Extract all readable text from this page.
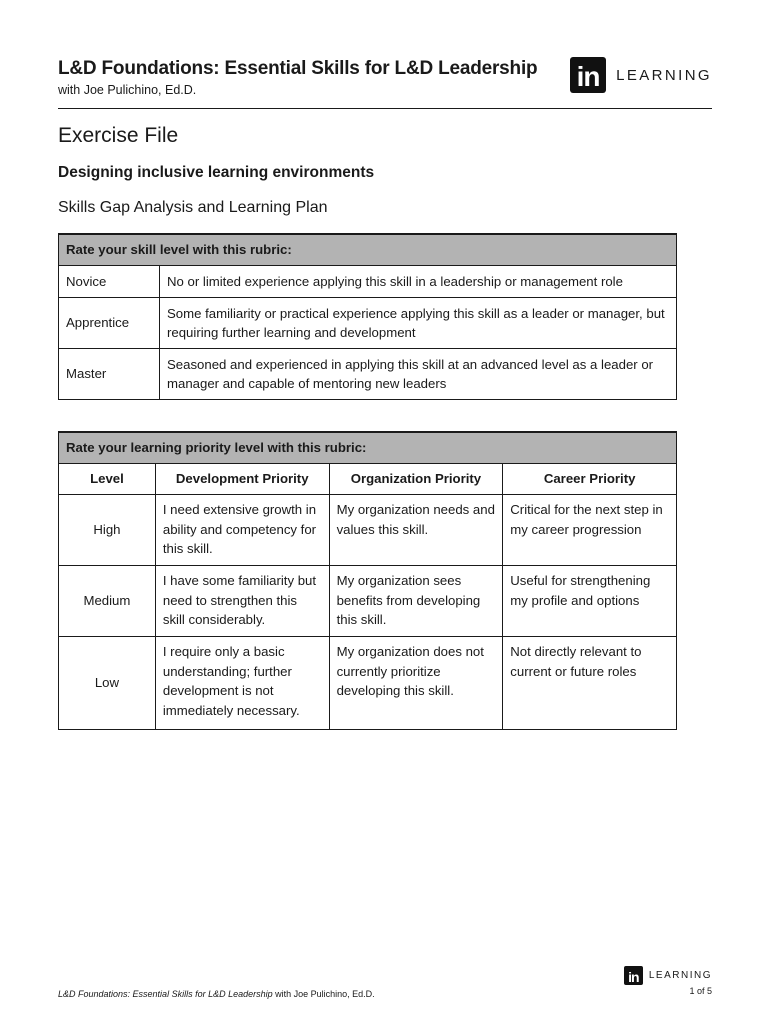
L&D Foundations: Essential Skills for L&D Leadership
with Joe Pulichino, Ed.D.	in	LEARNING
Exercise File
Designing inclusive learning environments
Skills Gap Analysis and Learning Plan
Rate your skill level with this rubric:	
Novice	No or limited experience applying this skill in a leadership or management role
Apprentice	Some familiarity or practical experience applying this skill as a leader or manager, but requiring further learning and development
Master	Seasoned and experienced in applying this skill at an advanced level as a leader or manager and capable of mentoring new leaders
Rate your learning priority level with this rubric:			
Level	Development Priority	Organization Priority	Career Priority
High	I need extensive growth in ability and competency for this skill.	My organization needs and values this skill.	Critical for the next step in my career progression
Medium	I have some familiarity but need to strengthen this skill considerably.	My organization sees benefits from developing this skill.	Useful for strengthening my profile and options
Low	I require only a basic understanding; further development is not immediately necessary.	My organization does not currently prioritize developing this skill.	Not directly relevant to current or future roles
L&D Foundations: Essential Skills for L&D Leadership with Joe Pulichino, Ed.D.
in	LEARNING
1 of 5
